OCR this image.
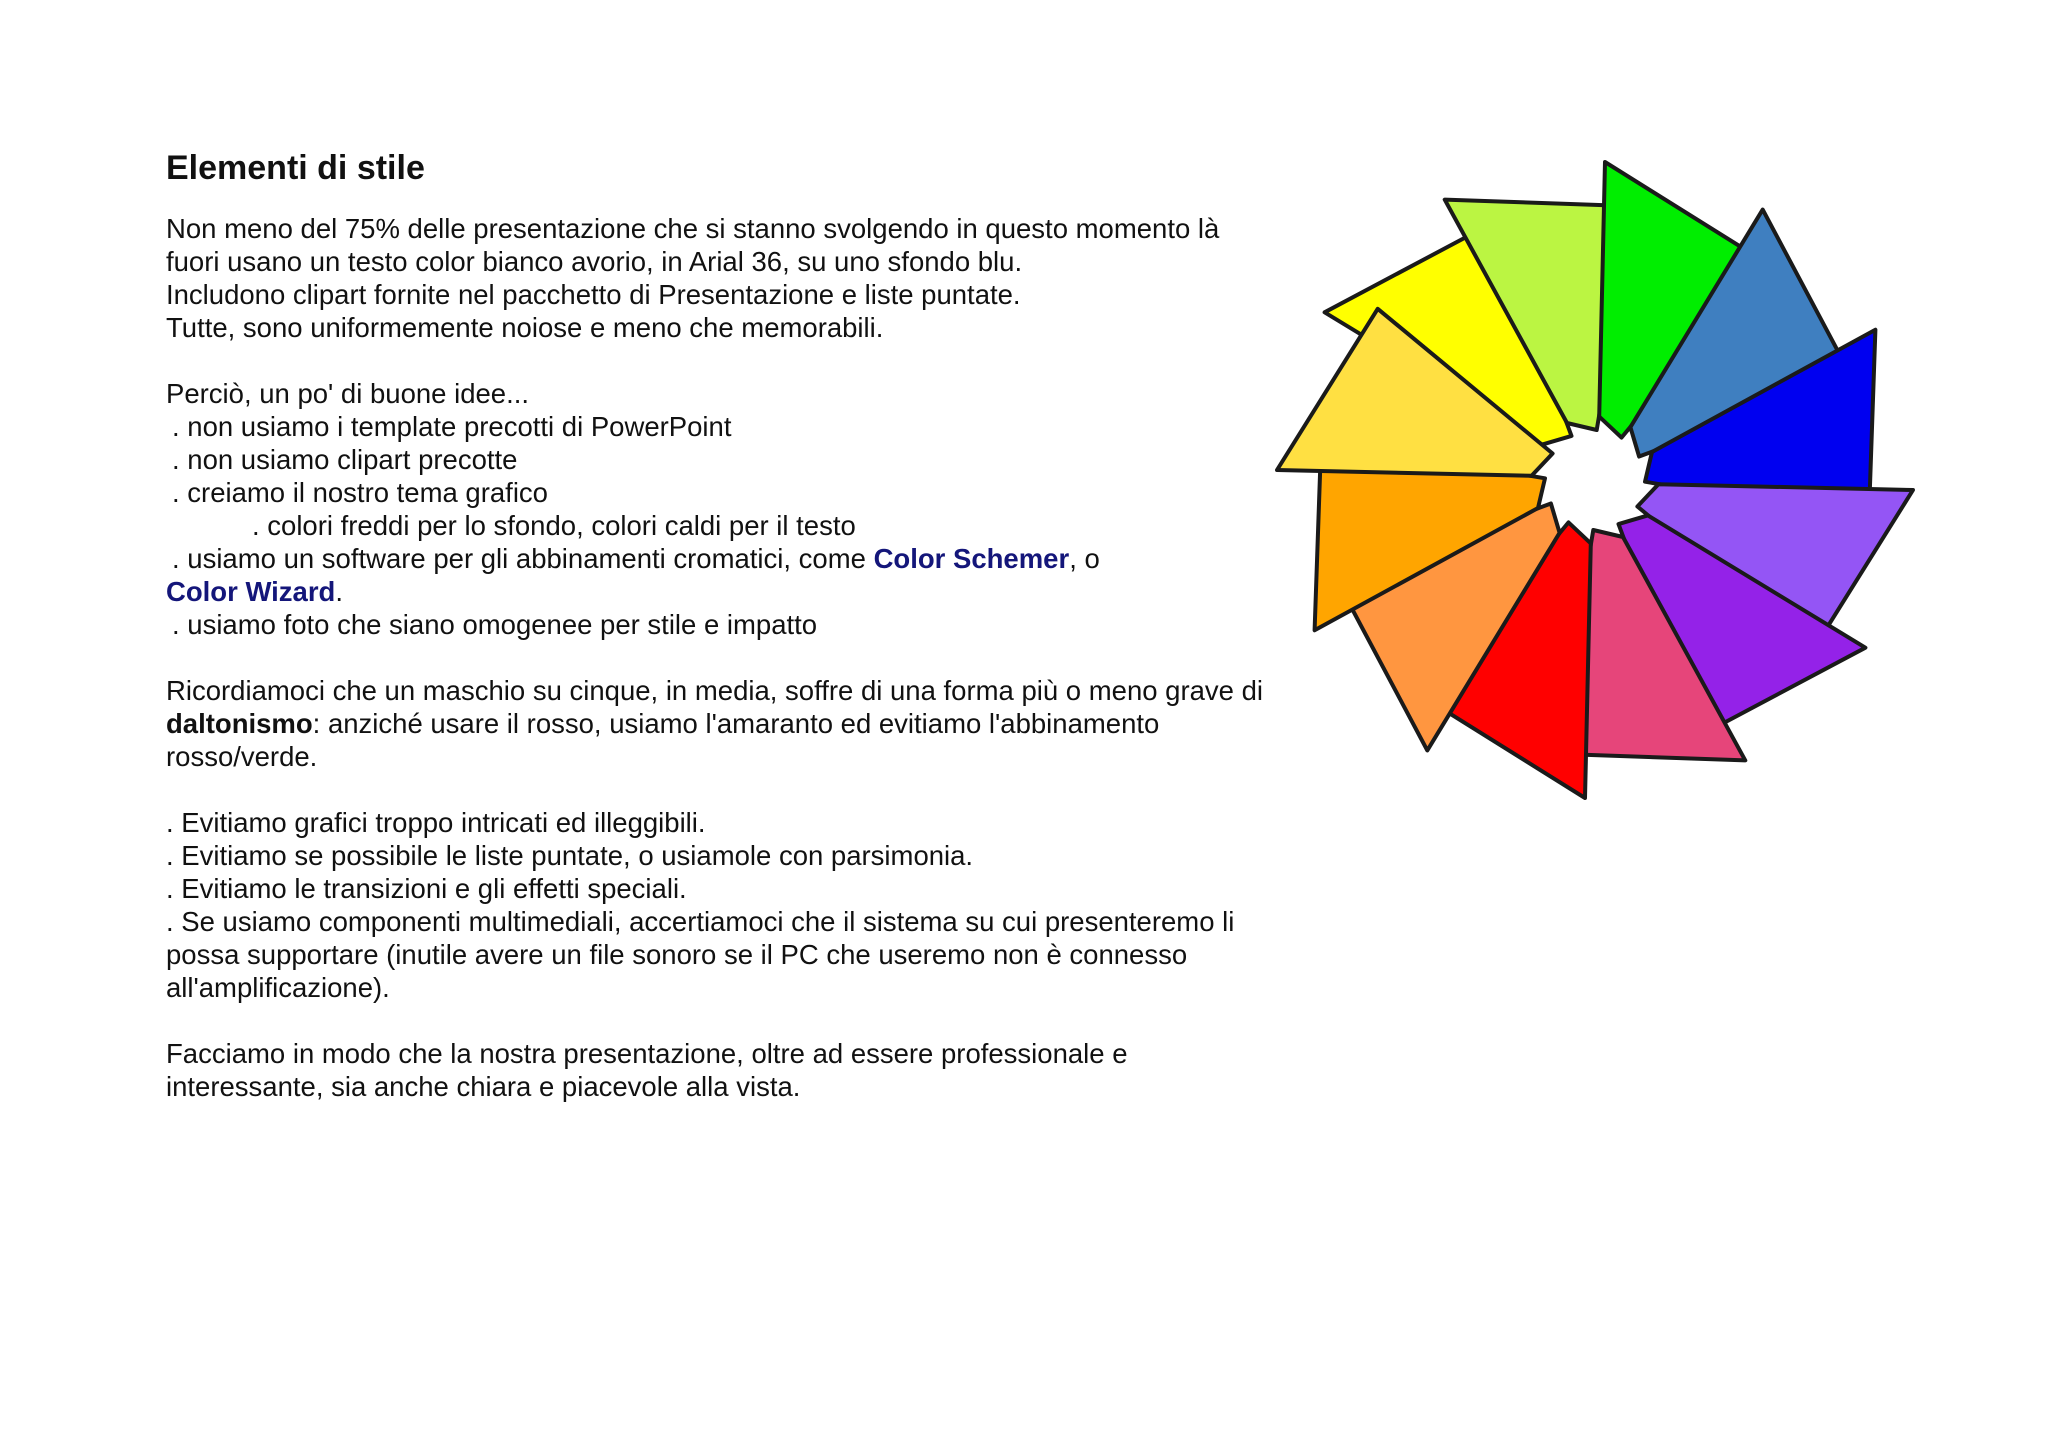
Elementi di stile
Non meno del 75% delle presentazione che si stanno svolgendo in questo momento là
fuori usano un testo color bianco avorio, in Arial 36, su uno sfondo blu.
Includono clipart fornite nel pacchetto di Presentazione e liste puntate.
Tutte, sono uniformemente noiose e meno che memorabili.
Perciò, un po' di buone idee...
. non usiamo i template precotti di PowerPoint
. non usiamo clipart precotte
. creiamo il nostro tema grafico
. colori freddi per lo sfondo, colori caldi per il testo
. usiamo un software per gli abbinamenti cromatici, come Color Schemer, o
Color Wizard.
. usiamo foto che siano omogenee per stile e impatto
Ricordiamoci che un maschio su cinque, in media, soffre di una forma più o meno grave di
daltonismo: anziché usare il rosso, usiamo l'amaranto ed evitiamo l'abbinamento
rosso/verde.
. Evitiamo grafici troppo intricati ed illeggibili.
. Evitiamo se possibile le liste puntate, o usiamole con parsimonia.
. Evitiamo le transizioni e gli effetti speciali.
. Se usiamo componenti multimediali, accertiamoci che il sistema su cui presenteremo li
possa supportare (inutile avere un file sonoro se il PC che useremo non è connesso
all'amplificazione).
Facciamo in modo che la nostra presentazione, oltre ad essere professionale e
interessante, sia anche chiara e piacevole alla vista.
